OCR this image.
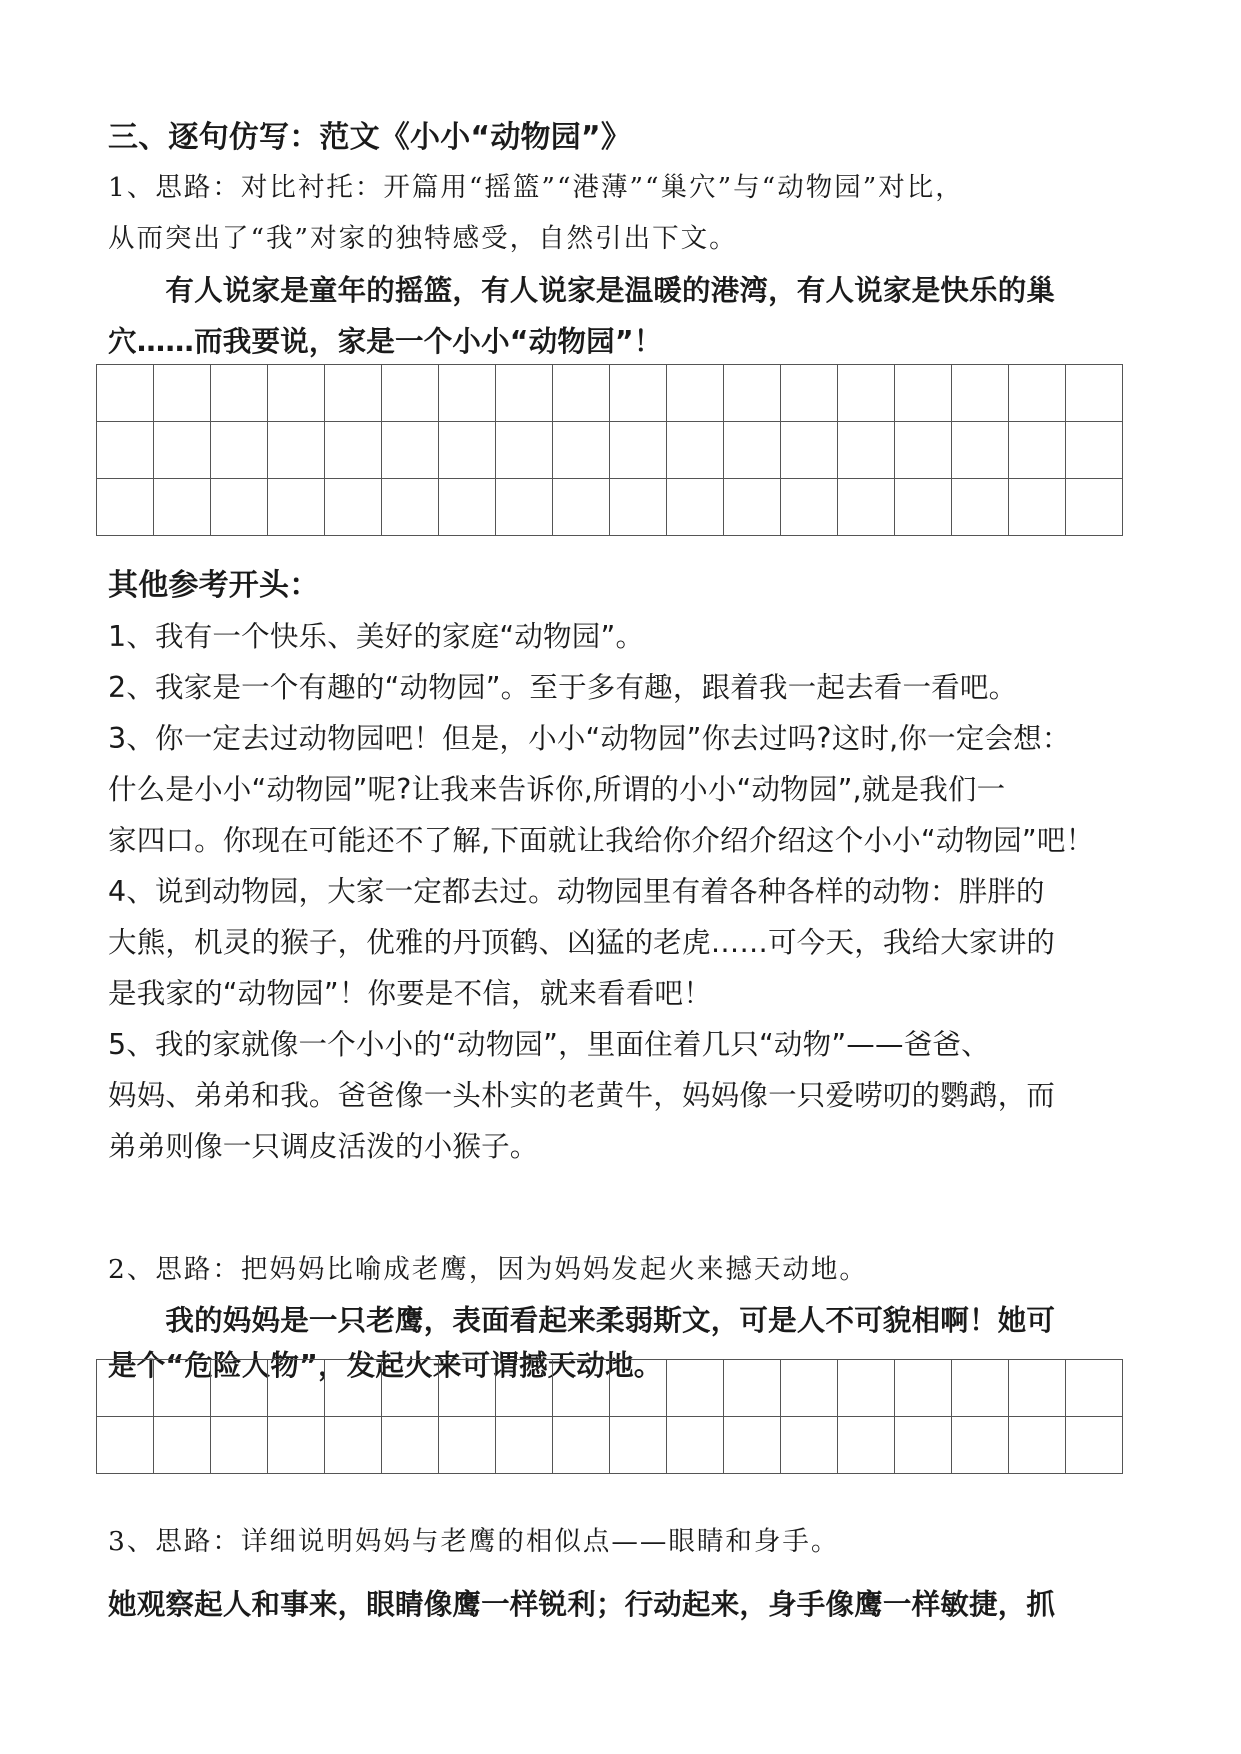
三、逐句仿写：范文《小小“动物园”》
1、思路：对比衬托：开篇用“摇篮”“港薄”“巢穴”与“动物园”对比，
从而突出了“我”对家的独特感受，自然引出下文。
　　有人说家是童年的摇篮，有人说家是温暖的港湾，有人说家是快乐的巢
穴……而我要说，家是一个小小“动物园”！

其他参考开头：
1、我有一个快乐、美好的家庭“动物园”。
2、我家是一个有趣的“动物园”。至于多有趣，跟着我一起去看一看吧。
3、你一定去过动物园吧！但是，小小“动物园”你去过吗?这时,你一定会想：
什么是小小“动物园”呢?让我来告诉你,所谓的小小“动物园”,就是我们一
家四口。你现在可能还不了解,下面就让我给你介绍介绍这个小小“动物园”吧！
4、说到动物园，大家一定都去过。动物园里有着各种各样的动物：胖胖的
大熊，机灵的猴子，优雅的丹顶鹤、凶猛的老虎……可今天，我给大家讲的
是我家的“动物园”！你要是不信，就来看看吧！
5、我的家就像一个小小的“动物园”，里面住着几只“动物”——爸爸、
妈妈、弟弟和我。爸爸像一头朴实的老黄牛，妈妈像一只爱唠叨的鹦鹉，而
弟弟则像一只调皮活泼的小猴子。
2、思路：把妈妈比喻成老鹰，因为妈妈发起火来撼天动地。
　　我的妈妈是一只老鹰，表面看起来柔弱斯文，可是人不可貌相啊！她可
是个“危险人物”，发起火来可谓撼天动地。

3、思路：详细说明妈妈与老鹰的相似点——眼睛和身手。
她观察起人和事来，眼睛像鹰一样锐利；行动起来，身手像鹰一样敏捷，抓
